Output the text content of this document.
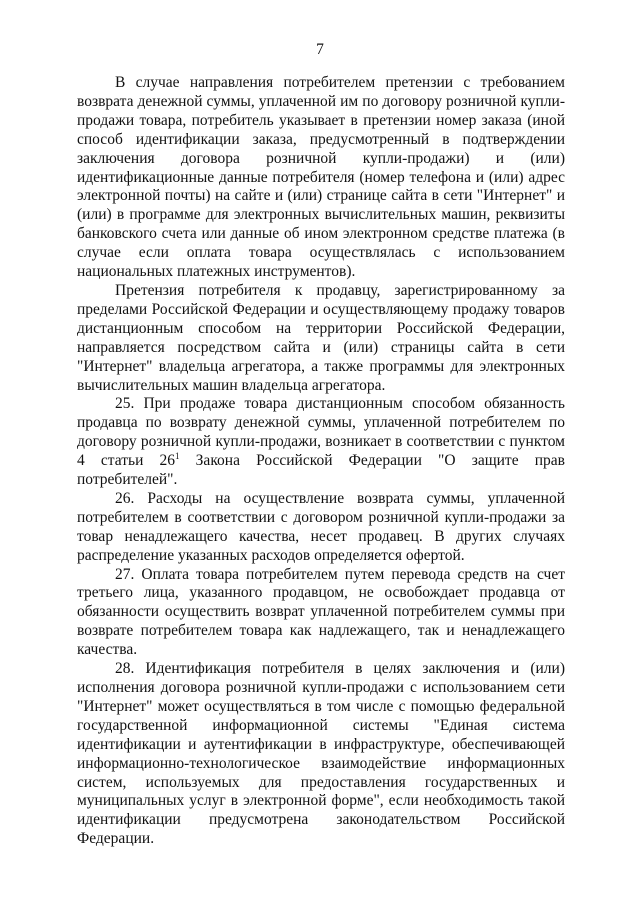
7

В случае направления потребителем претензии с требованием возврата денежной суммы, уплаченной им по договору розничной купли-продажи товара, потребитель указывает в претензии номер заказа (иной способ идентификации заказа, предусмотренный в подтверждении заключения договора розничной купли-продажи) и (или) идентификационные данные потребителя (номер телефона и (или) адрес электронной почты) на сайте и (или) странице сайта в сети "Интернет" и (или) в программе для электронных вычислительных машин, реквизиты банковского счета или данные об ином электронном средстве платежа (в случае если оплата товара осуществлялась с использованием национальных платежных инструментов).

Претензия потребителя к продавцу, зарегистрированному за пределами Российской Федерации и осуществляющему продажу товаров дистанционным способом на территории Российской Федерации, направляется посредством сайта и (или) страницы сайта в сети "Интернет" владельца агрегатора, а также программы для электронных вычислительных машин владельца агрегатора.

25. При продаже товара дистанционным способом обязанность продавца по возврату денежной суммы, уплаченной потребителем по договору розничной купли-продажи, возникает в соответствии с пунктом 4 статьи $26^1$ Закона Российской Федерации "О защите прав потребителей".

26. Расходы на осуществление возврата суммы, уплаченной потребителем в соответствии с договором розничной купли-продажи за товар ненадлежащего качества, несет продавец. В других случаях распределение указанных расходов определяется офертой.

27. Оплата товара потребителем путем перевода средств на счет третьего лица, указанного продавцом, не освобождает продавца от обязанности осуществить возврат уплаченной потребителем суммы при возврате потребителем товара как надлежащего, так и ненадлежащего качества.

28. Идентификация потребителя в целях заключения и (или) исполнения договора розничной купли-продажи с использованием сети "Интернет" может осуществляться в том числе с помощью федеральной государственной информационной системы "Единая система идентификации и аутентификации в инфраструктуре, обеспечивающей информационно-технологическое взаимодействие информационных систем, используемых для предоставления государственных и муниципальных услуг в электронной форме", если необходимость такой идентификации предусмотрена законодательством Российской Федерации.
